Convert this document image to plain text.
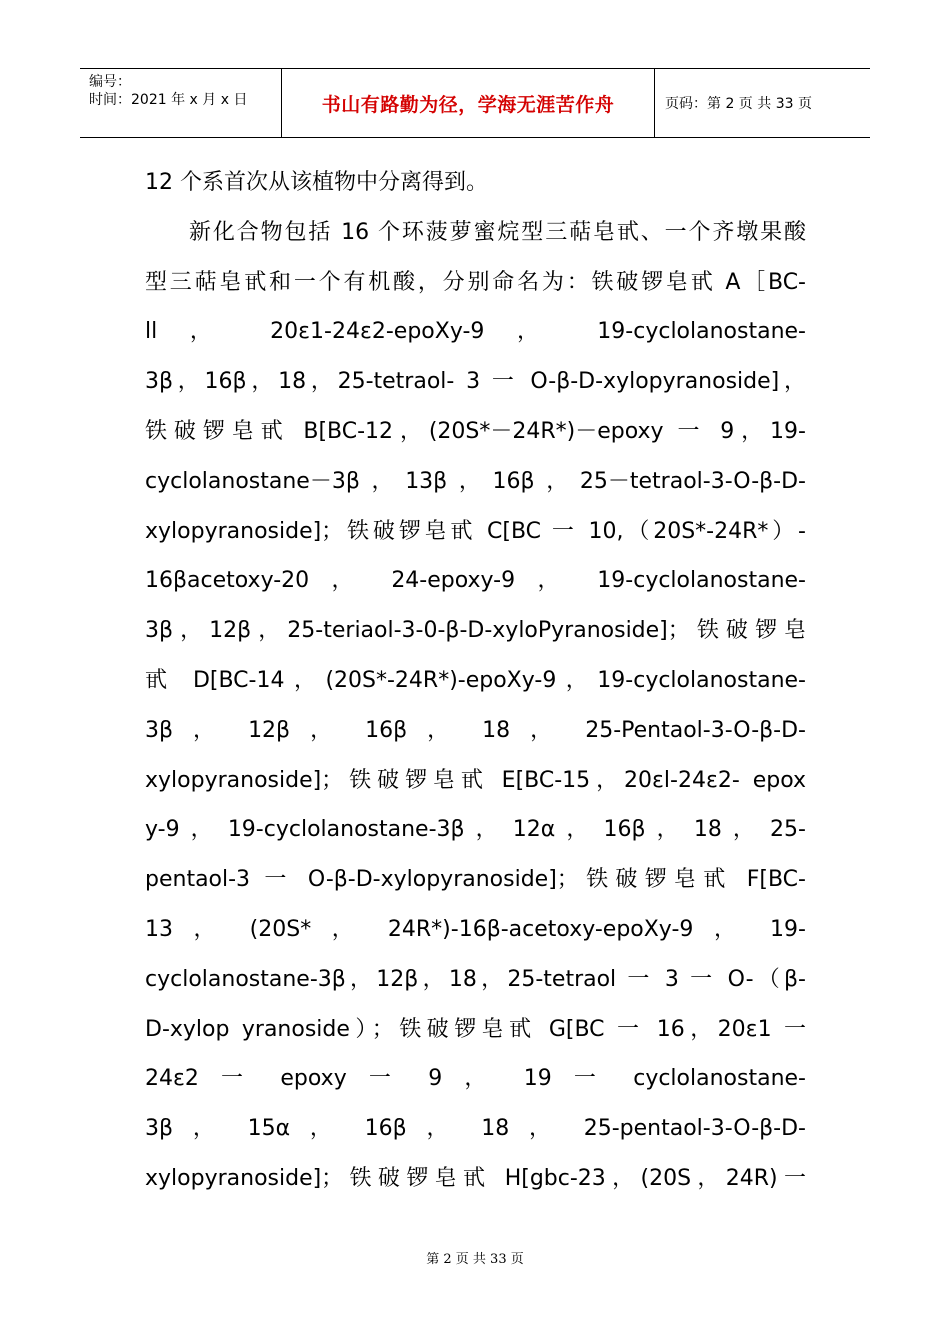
编号：
时间：2021 年 x 月 x 日	书山有路勤为径，学海无涯苦作舟	页码：第 2 页 共 33 页
12 个系首次从该植物中分离得到。
新化合物包括 16 个环菠萝蜜烷型三萜皂甙、一个齐墩果酸
型三萜皂甙和一个有机酸，分别命名为：铁破锣皂甙 A［BC-
ll ， 20ε1-24ε2-epoXy-9 ， 19-cyclolanostane-
3β，16β，18，25-tetraol- 3 一 O-β-D-xylopyranoside]，
铁破锣皂甙 B[BC-12，(20S*－24R*)－epoxy 一 9，19-
cyclolanostane－3β，13β，16β，25－tetraol-3-O-β-D-
xylopyranoside]；铁破锣皂甙 C[BC 一 10,（20S*-24R*）-
16βacetoxy-20 ， 24-epoxy-9 ， 19-cyclolanostane-
3β，12β，25-teriaol-3-0-β-D-xyloPyranoside]；铁破锣皂
甙 D[BC-14，(20S*-24R*)-epoXy-9，19-cyclolanostane-
3β ， 12β ， 16β ， 18 ， 25-Pentaol-3-O-β-D-
xylopyranoside]；铁破锣皂甙 E[BC-15，20εl-24ε2- epox
y-9 ， 19-cyclolanostane-3β ， 12α ， 16β ， 18 ， 25-
pentaol-3 一 O-β-D-xylopyranoside]；铁破锣皂甙 F[BC-
13 ， (20S* ， 24R*)-16β-acetoxy-epoXy-9 ， 19-
cyclolanostane-3β，12β，18，25-tetraol 一 3 一 O-（β-
D-xylop yranoside）；铁破锣皂甙 G[BC 一 16，20ε1 一
24ε2 一 epoxy 一 9 ， 19 一 cyclolanostane-
3β ， 15α ， 16β ， 18 ， 25-pentaol-3-O-β-D-
xylopyranoside]；铁破锣皂甙 H[gbc-23，(20S，24R)一
第 2 页 共 33 页
